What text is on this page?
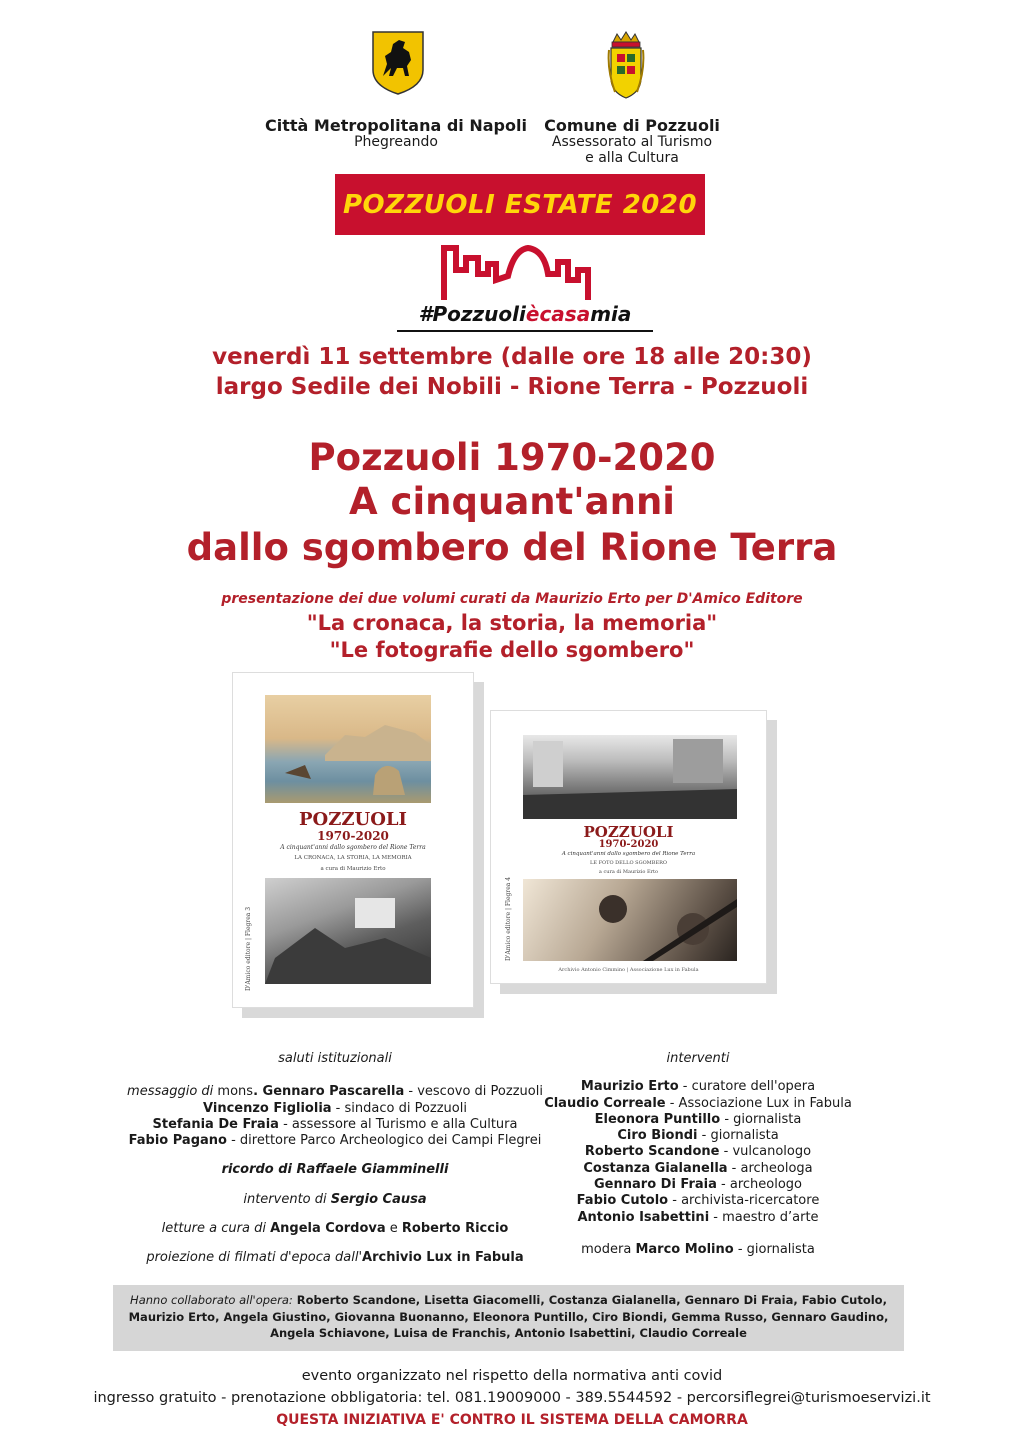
Città Metropolitana di Napoli
Phegreando
Comune di Pozzuoli
Assessorato al Turismo
e alla Cultura
POZZUOLI ESTATE 2020
#Pozzuoliècasamia
venerdì 11 settembre (dalle ore 18 alle 20:30)
largo Sedile dei Nobili - Rione Terra - Pozzuoli
Pozzuoli 1970-2020
A cinquant'anni
dallo sgombero del Rione Terra
presentazione dei due volumi curati da Maurizio Erto per D'Amico Editore
"La cronaca, la storia, la memoria"
"Le fotografie dello sgombero"
POZZUOLI
1970-2020
A cinquant'anni dallo sgombero del Rione Terra
LA CRONACA, LA STORIA, LA MEMORIA
a cura di Maurizio Erto
D'Amico editore | Flegrea 3
POZZUOLI
1970-2020
A cinquant'anni dallo sgombero del Rione Terra
LE FOTO DELLO SGOMBERO
a cura di Maurizio Erto
Archivio Antonio Cimmino | Associazione Lux in Fabula
D'Amico editore | Flegrea 4
saluti istituzionali
messaggio di mons. Gennaro Pascarella - vescovo di Pozzuoli
Vincenzo Figliolia - sindaco di Pozzuoli
Stefania De Fraia - assessore al Turismo e alla Cultura
Fabio Pagano - direttore Parco Archeologico dei Campi Flegrei
ricordo di Raffaele Giamminelli
intervento di Sergio Causa
letture a cura di Angela Cordova e Roberto Riccio
proiezione di filmati d'epoca dall'Archivio Lux in Fabula
interventi
Maurizio Erto - curatore dell'opera
Claudio Correale - Associazione Lux in Fabula
Eleonora Puntillo - giornalista
Ciro Biondi - giornalista
Roberto Scandone - vulcanologo
Costanza Gialanella - archeologa
Gennaro Di Fraia - archeologo
Fabio Cutolo - archivista-ricercatore
Antonio Isabettini - maestro d’arte
modera Marco Molino - giornalista
Hanno collaborato all'opera: Roberto Scandone, Lisetta Giacomelli, Costanza Gialanella, Gennaro Di Fraia, Fabio Cutolo,
Maurizio Erto, Angela Giustino, Giovanna Buonanno, Eleonora Puntillo, Ciro Biondi, Gemma Russo, Gennaro Gaudino,
Angela Schiavone, Luisa de Franchis, Antonio Isabettini, Claudio Correale
evento organizzato nel rispetto della normativa anti covid
ingresso gratuito - prenotazione obbligatoria: tel. 081.19009000 - 389.5544592 - percorsiflegrei@turismoeservizi.it
QUESTA INIZIATIVA E' CONTRO IL SISTEMA DELLA CAMORRA
